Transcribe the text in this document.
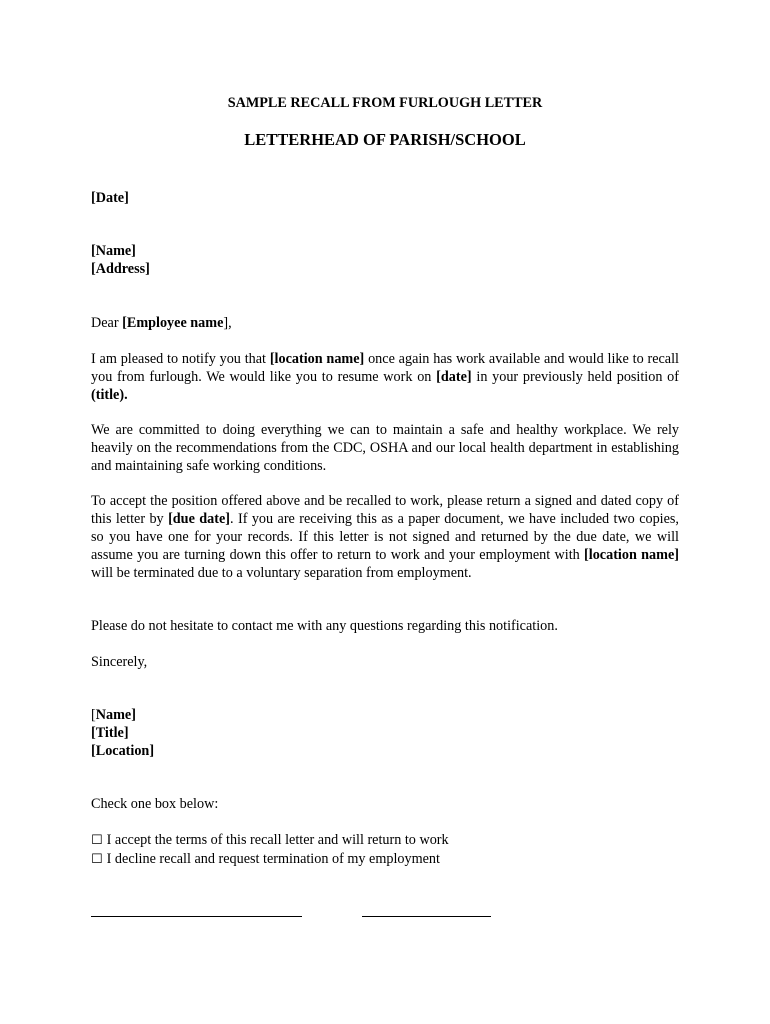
SAMPLE RECALL FROM FURLOUGH LETTER
LETTERHEAD OF PARISH/SCHOOL
[Date]
[Name]
[Address]
Dear [Employee name],
I am pleased to notify you that [location name] once again has work available and would like to recall you from furlough. We would like you to resume work on [date] in your previously held position of (title).
We are committed to doing everything we can to maintain a safe and healthy workplace. We rely heavily on the recommendations from the CDC, OSHA and our local health department in establishing and maintaining safe working conditions.
To accept the position offered above and be recalled to work, please return a signed and dated copy of this letter by [due date]. If you are receiving this as a paper document, we have included two copies, so you have one for your records. If this letter is not signed and returned by the due date, we will assume you are turning down this offer to return to work and your employment with [location name] will be terminated due to a voluntary separation from employment.
Please do not hesitate to contact me with any questions regarding this notification.
Sincerely,
[Name]
[Title]
[Location]
Check one box below:
☐ I accept the terms of this recall letter and will return to work
☐ I decline recall and request termination of my employment
